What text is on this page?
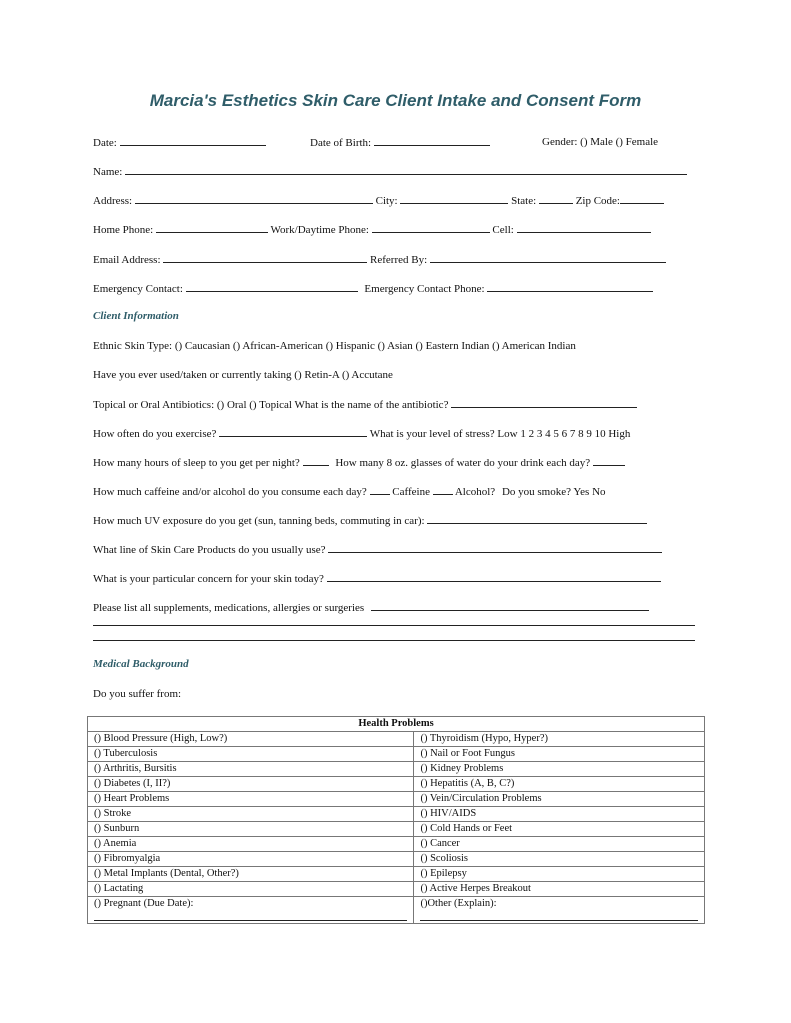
Marcia's Esthetics Skin Care Client Intake and Consent Form
Date:	Date of Birth:	Gender: () Male () Female
Name:
Address:	City:	State:	Zip Code:
Home Phone:	Work/Daytime Phone:	Cell:
Email Address:	Referred By:
Emergency Contact:	Emergency Contact Phone:
Client Information
Ethnic Skin Type: () Caucasian () African-American () Hispanic () Asian () Eastern Indian () American Indian
Have you ever used/taken or currently taking () Retin-A () Accutane
Topical or Oral Antibiotics: () Oral () Topical What is the name of the antibiotic?
How often do you exercise?	What is your level of stress? Low 1 2 3 4 5 6 7 8 9 10 High
How many hours of sleep to you get per night?	How many 8 oz. glasses of water do your drink each day?
How much caffeine and/or alcohol do you consume each day? Caffeine Alcohol? Do you smoke? Yes No
How much UV exposure do you get (sun, tanning beds, commuting in car):
What line of Skin Care Products do you usually use?
What is your particular concern for your skin today?
Please list all supplements, medications, allergies or surgeries
Medical Background
Do you suffer from:
Health Problems	
() Blood Pressure (High, Low?)	() Thyroidism (Hypo, Hyper?)
() Tuberculosis	() Nail or Foot Fungus
() Arthritis, Bursitis	() Kidney Problems
() Diabetes (I, II?)	() Hepatitis (A, B, C?)
() Heart Problems	() Vein/Circulation Problems
() Stroke	() HIV/AIDS
() Sunburn	() Cold Hands or Feet
() Anemia	() Cancer
() Fibromyalgia	() Scoliosis
() Metal Implants (Dental, Other?)	() Epilepsy
() Lactating	() Active Herpes Breakout

() Pregnant (Due Date):	()Other (Explain):
